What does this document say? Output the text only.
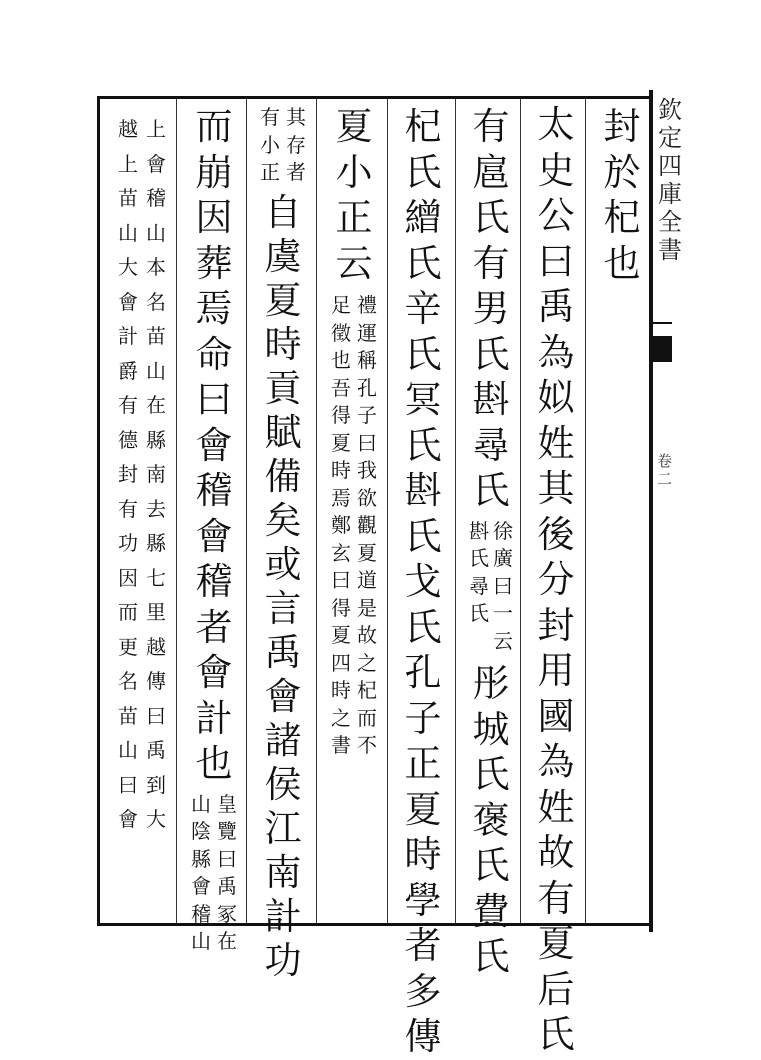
欽
定
四
庫
全
書
卷
二
封
於
杞
也
太
史
公
曰
禹
為
姒
姓
其
後
分
封
用
國
為
姓
故
有
夏
后
氏
有
扈
氏
有
男
氏
斟
尋
氏
徐
廣
曰
一
云
斟
氏
尋
氏
彤
城
氏
褒
氏
費
氏
杞
氏
繒
氏
辛
氏
冥
氏
斟
氏
戈
氏
孔
子
正
夏
時
學
者
多
傳
夏
小
正
云
禮
運
稱
孔
子
曰
我
欲
觀
夏
道
是
故
之
杞
而
不
足
徵
也
吾
得
夏
時
焉
鄭
玄
曰
得
夏
四
時
之
書
其
存
者
有
小
正
自
虞
夏
時
貢
賦
備
矣
或
言
禹
會
諸
侯
江
南
計
功
而
崩
因
葬
焉
命
曰
會
稽
會
稽
者
會
計
也
皇
覽
曰
禹
冢
在
山
陰
縣
會
稽
山
上
會
稽
山
本
名
苗
山
在
縣
南
去
縣
七
里
越
傳
曰
禹
到
大
越
上
苗
山
大
會
計
爵
有
德
封
有
功
因
而
更
名
苗
山
曰
會
